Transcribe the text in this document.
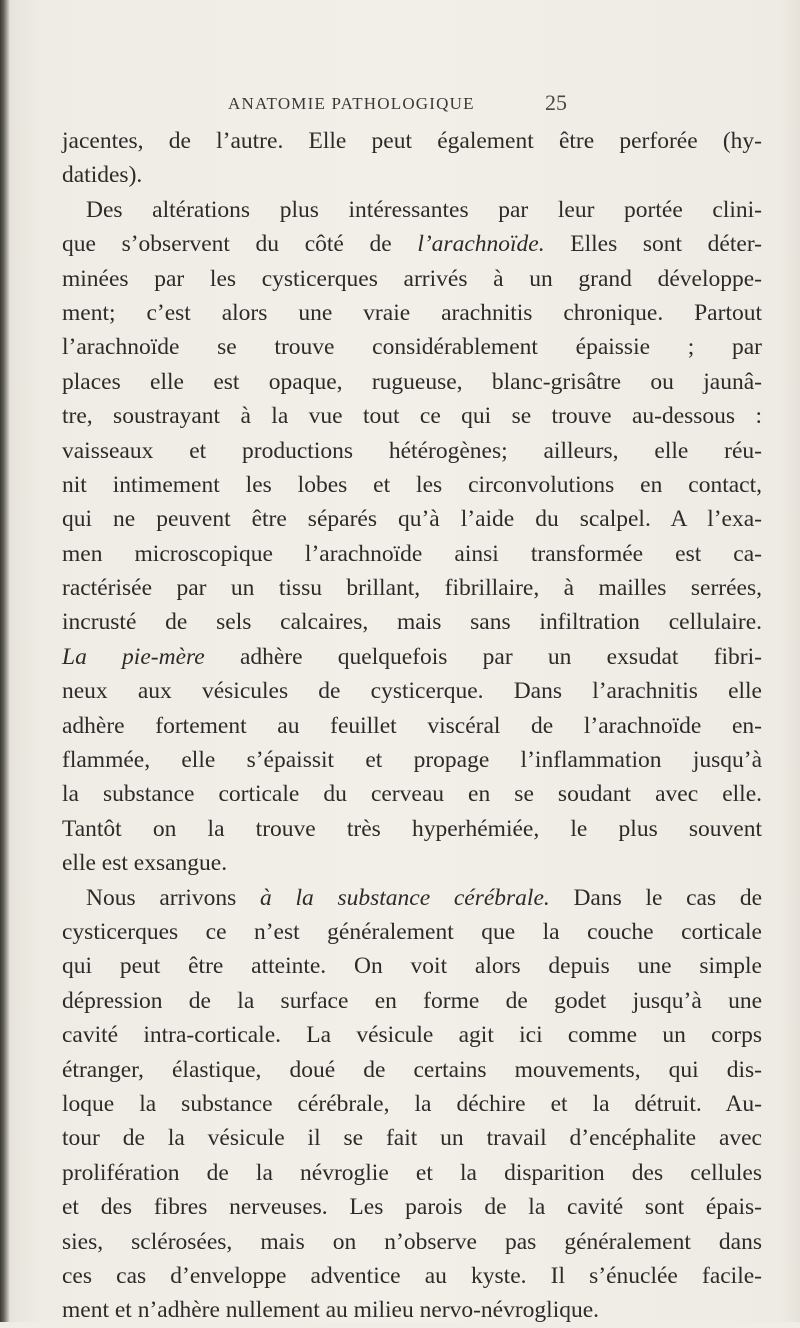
ANATOMIE PATHOLOGIQUE	25
jacentes, de l’autre. Elle peut également être perforée (hy-
datides).
Des altérations plus intéressantes par leur portée clini-
que s’observent du côté de l’arachnoïde. Elles sont déter-
minées par les cysticerques arrivés à un grand développe-
ment; c’est alors une vraie arachnitis chronique. Partout
l’arachnoïde se trouve considérablement épaissie ; par
places elle est opaque, rugueuse, blanc-grisâtre ou jaunâ-
tre, soustrayant à la vue tout ce qui se trouve au-dessous :
vaisseaux et productions hétérogènes; ailleurs, elle réu-
nit intimement les lobes et les circonvolutions en contact,
qui ne peuvent être séparés qu’à l’aide du scalpel. A l’exa-
men microscopique l’arachnoïde ainsi transformée est ca-
ractérisée par un tissu brillant, fibrillaire, à mailles serrées,
incrusté de sels calcaires, mais sans infiltration cellulaire.
La pie-mère adhère quelquefois par un exsudat fibri-
neux aux vésicules de cysticerque. Dans l’arachnitis elle
adhère fortement au feuillet viscéral de l’arachnoïde en-
flammée, elle s’épaissit et propage l’inflammation jusqu’à
la substance corticale du cerveau en se soudant avec elle.
Tantôt on la trouve très hyperhémiée, le plus souvent
elle est exsangue.
Nous arrivons à la substance cérébrale. Dans le cas de
cysticerques ce n’est généralement que la couche corticale
qui peut être atteinte. On voit alors depuis une simple
dépression de la surface en forme de godet jusqu’à une
cavité intra-corticale. La vésicule agit ici comme un corps
étranger, élastique, doué de certains mouvements, qui dis-
loque la substance cérébrale, la déchire et la détruit. Au-
tour de la vésicule il se fait un travail d’encéphalite avec
prolifération de la névroglie et la disparition des cellules
et des fibres nerveuses. Les parois de la cavité sont épais-
sies, sclérosées, mais on n’observe pas généralement dans
ces cas d’enveloppe adventice au kyste. Il s’énuclée facile-
ment et n’adhère nullement au milieu nervo-névroglique.
